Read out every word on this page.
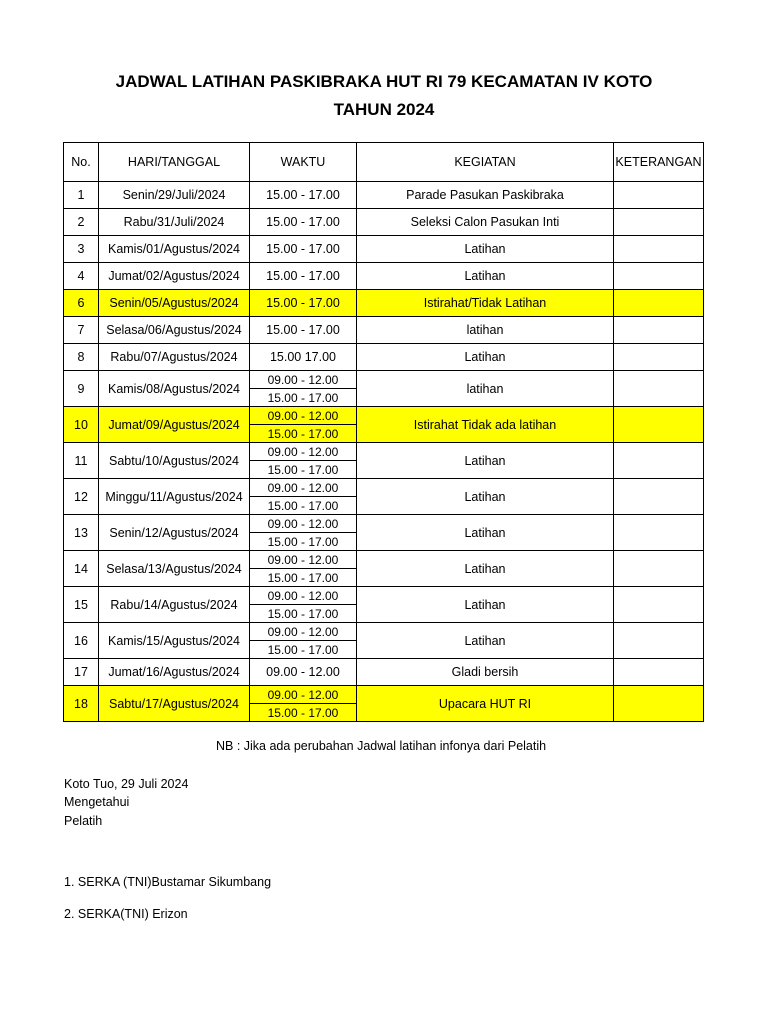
JADWAL LATIHAN PASKIBRAKA HUT RI 79 KECAMATAN IV KOTO
TAHUN 2024
No.	HARI/TANGGAL	WAKTU	KEGIATAN	KETERANGAN
1	Senin/29/Juli/2024	15.00 - 17.00	Parade Pasukan Paskibraka	
2	Rabu/31/Juli/2024	15.00 - 17.00	Seleksi Calon Pasukan Inti	
3	Kamis/01/Agustus/2024	15.00 - 17.00	Latihan	
4	Jumat/02/Agustus/2024	15.00 - 17.00	Latihan	
6	Senin/05/Agustus/2024	15.00 - 17.00	Istirahat/Tidak Latihan	
7	Selasa/06/Agustus/2024	15.00 - 17.00	latihan	
8	Rabu/07/Agustus/2024	15.00 17.00	Latihan	
9	Kamis/08/Agustus/2024	09.00 - 12.00	latihan	
		15.00 - 17.00		
10	Jumat/09/Agustus/2024	09.00 - 12.00	Istirahat Tidak ada latihan	
		15.00 - 17.00		
11	Sabtu/10/Agustus/2024	09.00 - 12.00	Latihan	
		15.00 - 17.00		
12	Minggu/11/Agustus/2024	09.00 - 12.00	Latihan	
		15.00 - 17.00		
13	Senin/12/Agustus/2024	09.00 - 12.00	Latihan	
		15.00 - 17.00		
14	Selasa/13/Agustus/2024	09.00 - 12.00	Latihan	
		15.00 - 17.00		
15	Rabu/14/Agustus/2024	09.00 - 12.00	Latihan	
		15.00 - 17.00		
16	Kamis/15/Agustus/2024	09.00 - 12.00	Latihan	
		15.00 - 17.00		
17	Jumat/16/Agustus/2024	09.00 - 12.00	Gladi bersih	
18	Sabtu/17/Agustus/2024	09.00 - 12.00	Upacara HUT RI	
		15.00 - 17.00		
NB : Jika ada perubahan Jadwal latihan infonya dari Pelatih
Koto Tuo, 29 Juli 2024
Mengetahui
Pelatih
1. SERKA (TNI)Bustamar Sikumbang
2. SERKA(TNI) Erizon
